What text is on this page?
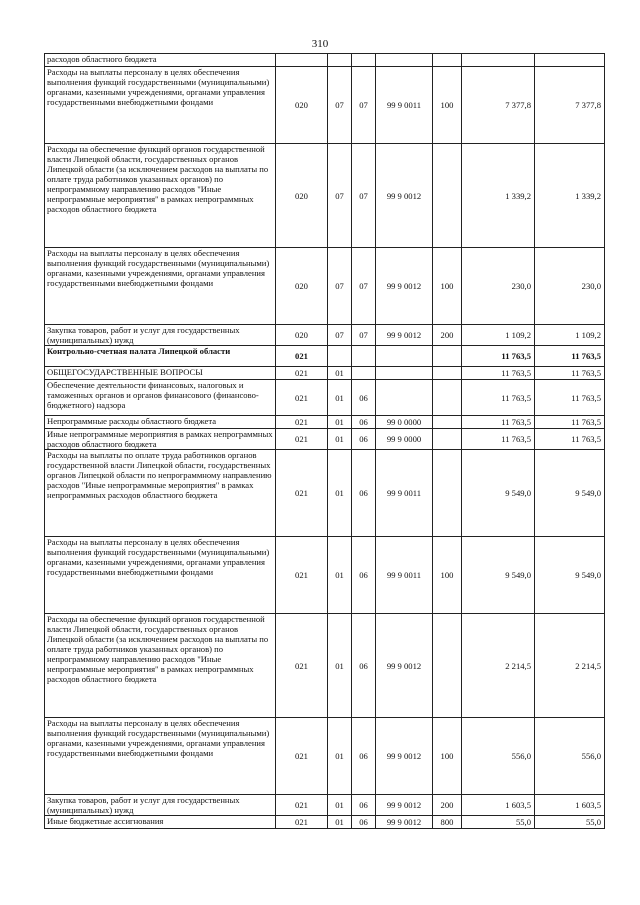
310
расходов областного бюджета							
Расходы на выплаты персоналу в целях обеспечения выполнения функций государственными (муниципальными) органами, казенными учреждениями, органами управления государственными внебюджетными фондами	020	07	07	99 9 0011	100	7 377,8	7 377,8
Расходы на обеспечение функций органов государственной власти Липецкой области, государственных органов Липецкой области (за исключением расходов на выплаты по оплате труда работников указанных органов) по непрограммному направлению расходов "Иные непрограммные мероприятия" в рамках непрограммных расходов областного бюджета	020	07	07	99 9 0012		1 339,2	1 339,2
Расходы на выплаты персоналу в целях обеспечения выполнения функций государственными (муниципальными) органами, казенными учреждениями, органами управления государственными внебюджетными фондами	020	07	07	99 9 0012	100	230,0	230,0
Закупка товаров, работ и услуг для государственных (муниципальных) нужд	020	07	07	99 9 0012	200	1 109,2	1 109,2
Контрольно-счетная палата Липецкой области	021					11 763,5	11 763,5
ОБЩЕГОСУДАРСТВЕННЫЕ ВОПРОСЫ	021	01				11 763,5	11 763,5
Обеспечение деятельности финансовых, налоговых и таможенных органов и органов финансового (финансово-бюджетного) надзора	021	01	06			11 763,5	11 763,5
Непрограммные расходы областного бюджета	021	01	06	99 0 0000		11 763,5	11 763,5
Иные непрограммные мероприятия в рамках непрограммных расходов областного бюджета	021	01	06	99 9 0000		11 763,5	11 763,5
Расходы на выплаты по оплате труда работников органов государственной власти Липецкой области, государственных органов Липецкой области по непрограммному направлению расходов "Иные непрограммные мероприятия" в рамках непрограммных расходов областного бюджета	021	01	06	99 9 0011		9 549,0	9 549,0
Расходы на выплаты персоналу в целях обеспечения выполнения функций государственными (муниципальными) органами, казенными учреждениями, органами управления государственными внебюджетными фондами	021	01	06	99 9 0011	100	9 549,0	9 549,0
Расходы на обеспечение функций органов государственной власти Липецкой области, государственных органов Липецкой области (за исключением расходов на выплаты по оплате труда работников указанных органов) по непрограммному направлению расходов "Иные непрограммные мероприятия" в рамках непрограммных расходов областного бюджета	021	01	06	99 9 0012		2 214,5	2 214,5
Расходы на выплаты персоналу в целях обеспечения выполнения функций государственными (муниципальными) органами, казенными учреждениями, органами управления государственными внебюджетными фондами	021	01	06	99 9 0012	100	556,0	556,0
Закупка товаров, работ и услуг для государственных (муниципальных) нужд	021	01	06	99 9 0012	200	1 603,5	1 603,5
Иные бюджетные ассигнования	021	01	06	99 9 0012	800	55,0	55,0
